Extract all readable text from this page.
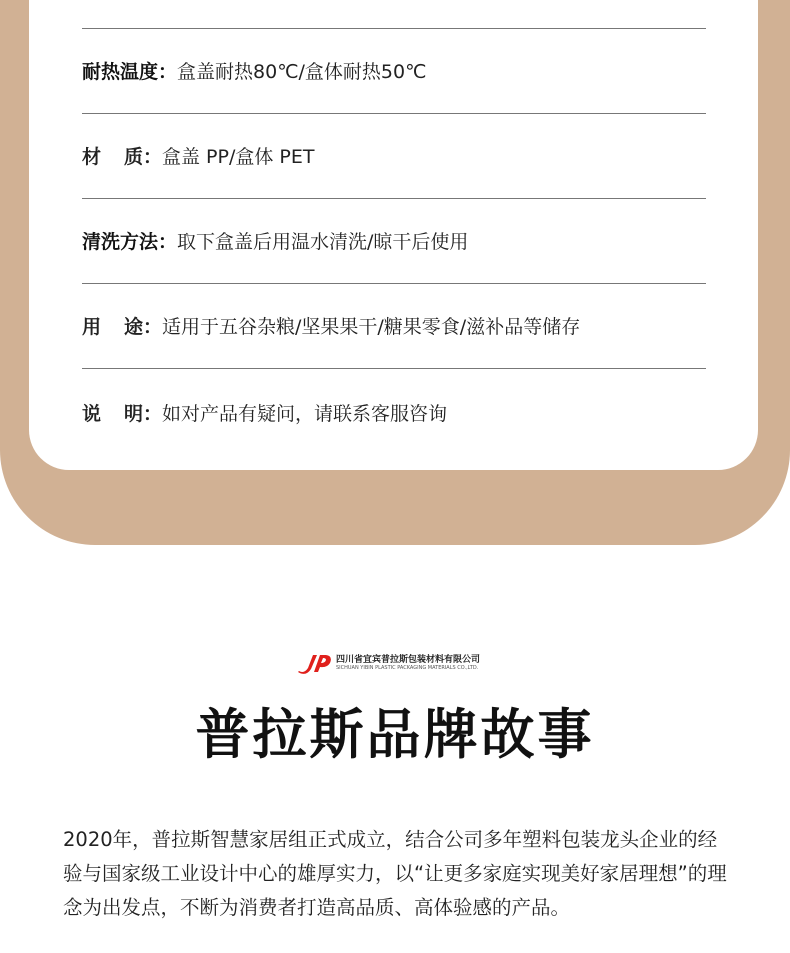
耐热温度： 盒盖耐热80℃/盒体耐热50℃
材 质： 盒盖 PP/盒体 PET
清洗方法： 取下盒盖后用温水清洗/晾干后使用
用 途： 适用于五谷杂粮/坚果果干/糖果零食/滋补品等储存
说 明： 如对产品有疑问，请联系客服咨询
四川省宜宾普拉斯包装材料有限公司
SICHUAN YIBIN PLASTIC PACKAGING MATERIALS CO.,LTD.
普拉斯品牌故事
2020年，普拉斯智慧家居组正式成立，结合公司多年塑料包装龙头企业的经验与国家级工业设计中心的雄厚实力，以“让更多家庭实现美好家居理想”的理念为出发点，不断为消费者打造高品质、高体验感的产品。
